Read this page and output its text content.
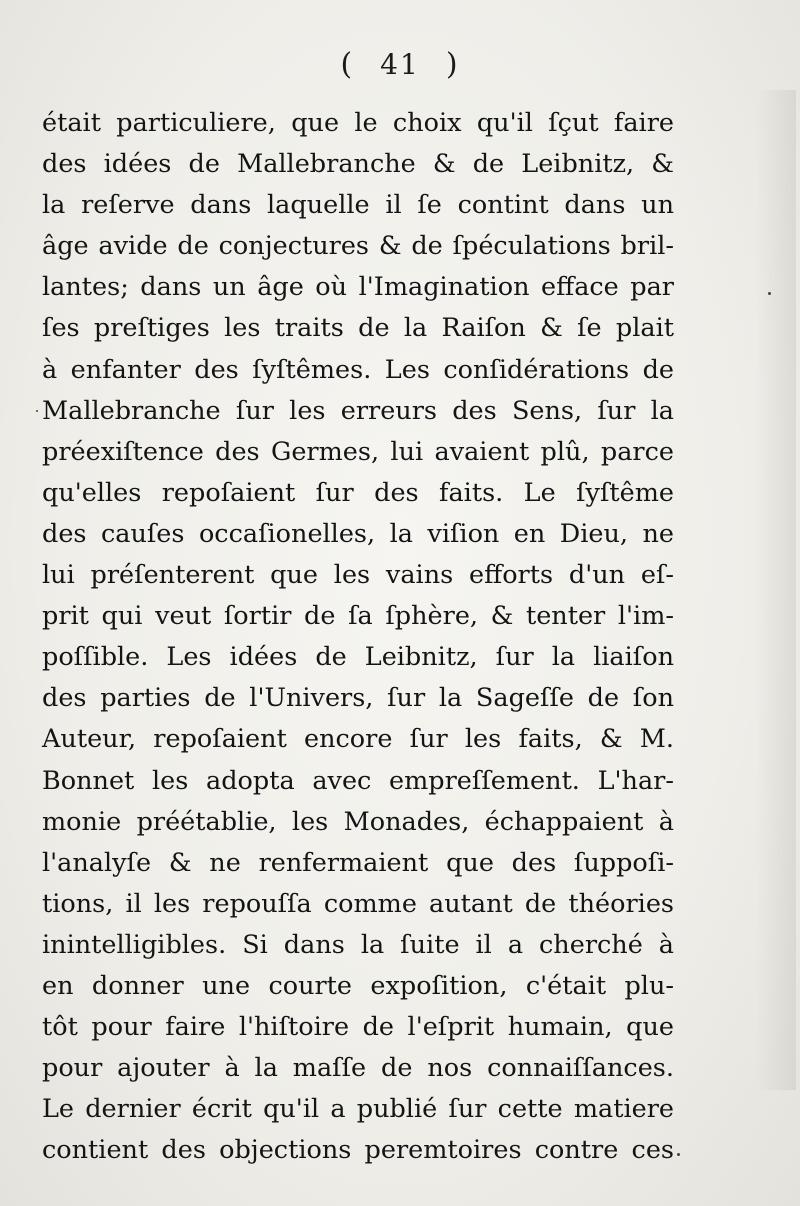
( 41 )

était particuliere, que le choix qu'il ſçut faire
des idées de Mallebranche & de Leibnitz, &
la reſerve dans laquelle il ſe contint dans un
âge avide de conjectures & de ſpéculations bril-
lantes; dans un âge où l'Imagination efface par
ſes preſtiges les traits de la Raiſon & ſe plait
à enfanter des ſyſtêmes. Les conſidérations de
Mallebranche ſur les erreurs des Sens, ſur la
préexiſtence des Germes, lui avaient plû, parce
qu'elles repoſaient ſur des faits. Le ſyſtême
des cauſes occaſionelles, la viſion en Dieu, ne
lui préſenterent que les vains efforts d'un eſ-
prit qui veut ſortir de ſa ſphère, & tenter l'im-
poſſible. Les idées de Leibnitz, ſur la liaiſon
des parties de l'Univers, ſur la Sageſſe de ſon
Auteur, repoſaient encore ſur les faits, & M.
Bonnet les adopta avec empreſſement. L'har-
monie préétablie, les Monades, échappaient à
l'analyſe & ne renfermaient que des ſuppoſi-
tions, il les repouſſa comme autant de théories
inintelligibles. Si dans la ſuite il a cherché à
en donner une courte expoſition, c'était plu-
tôt pour faire l'hiſtoire de l'eſprit humain, que
pour ajouter à la maſſe de nos connaiſſances.
Le dernier écrit qu'il a publié ſur cette matiere
contient des objections peremtoires contre ces
